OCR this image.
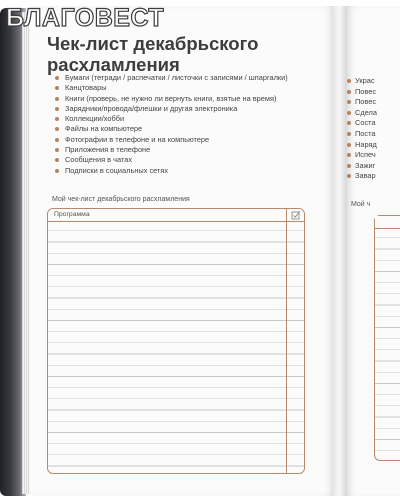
БЛАГОВЕСТ
Чек-лист декабрьского расхламления
Бумаги (тетради / распечатки / листочки с записями / шпаргалки)
Канцтовары
Книги (проверь, не нужно ли вернуть книги, взятые на время)
Зарядники/провода/флешки и другая электроника
Коллекции/хобби
Файлы на компьютере
Фотографии в телефоне и на компьютере
Приложения в телефоне
Сообщения в чатах
Подписки в социальных сетях
Мой чек-лист декабрьского расхламления
Программа
Украс
Повес
Повес
Сдела
Соста
Поста
Наряд
Испеч
Зажиг
Завар
Мой ч
